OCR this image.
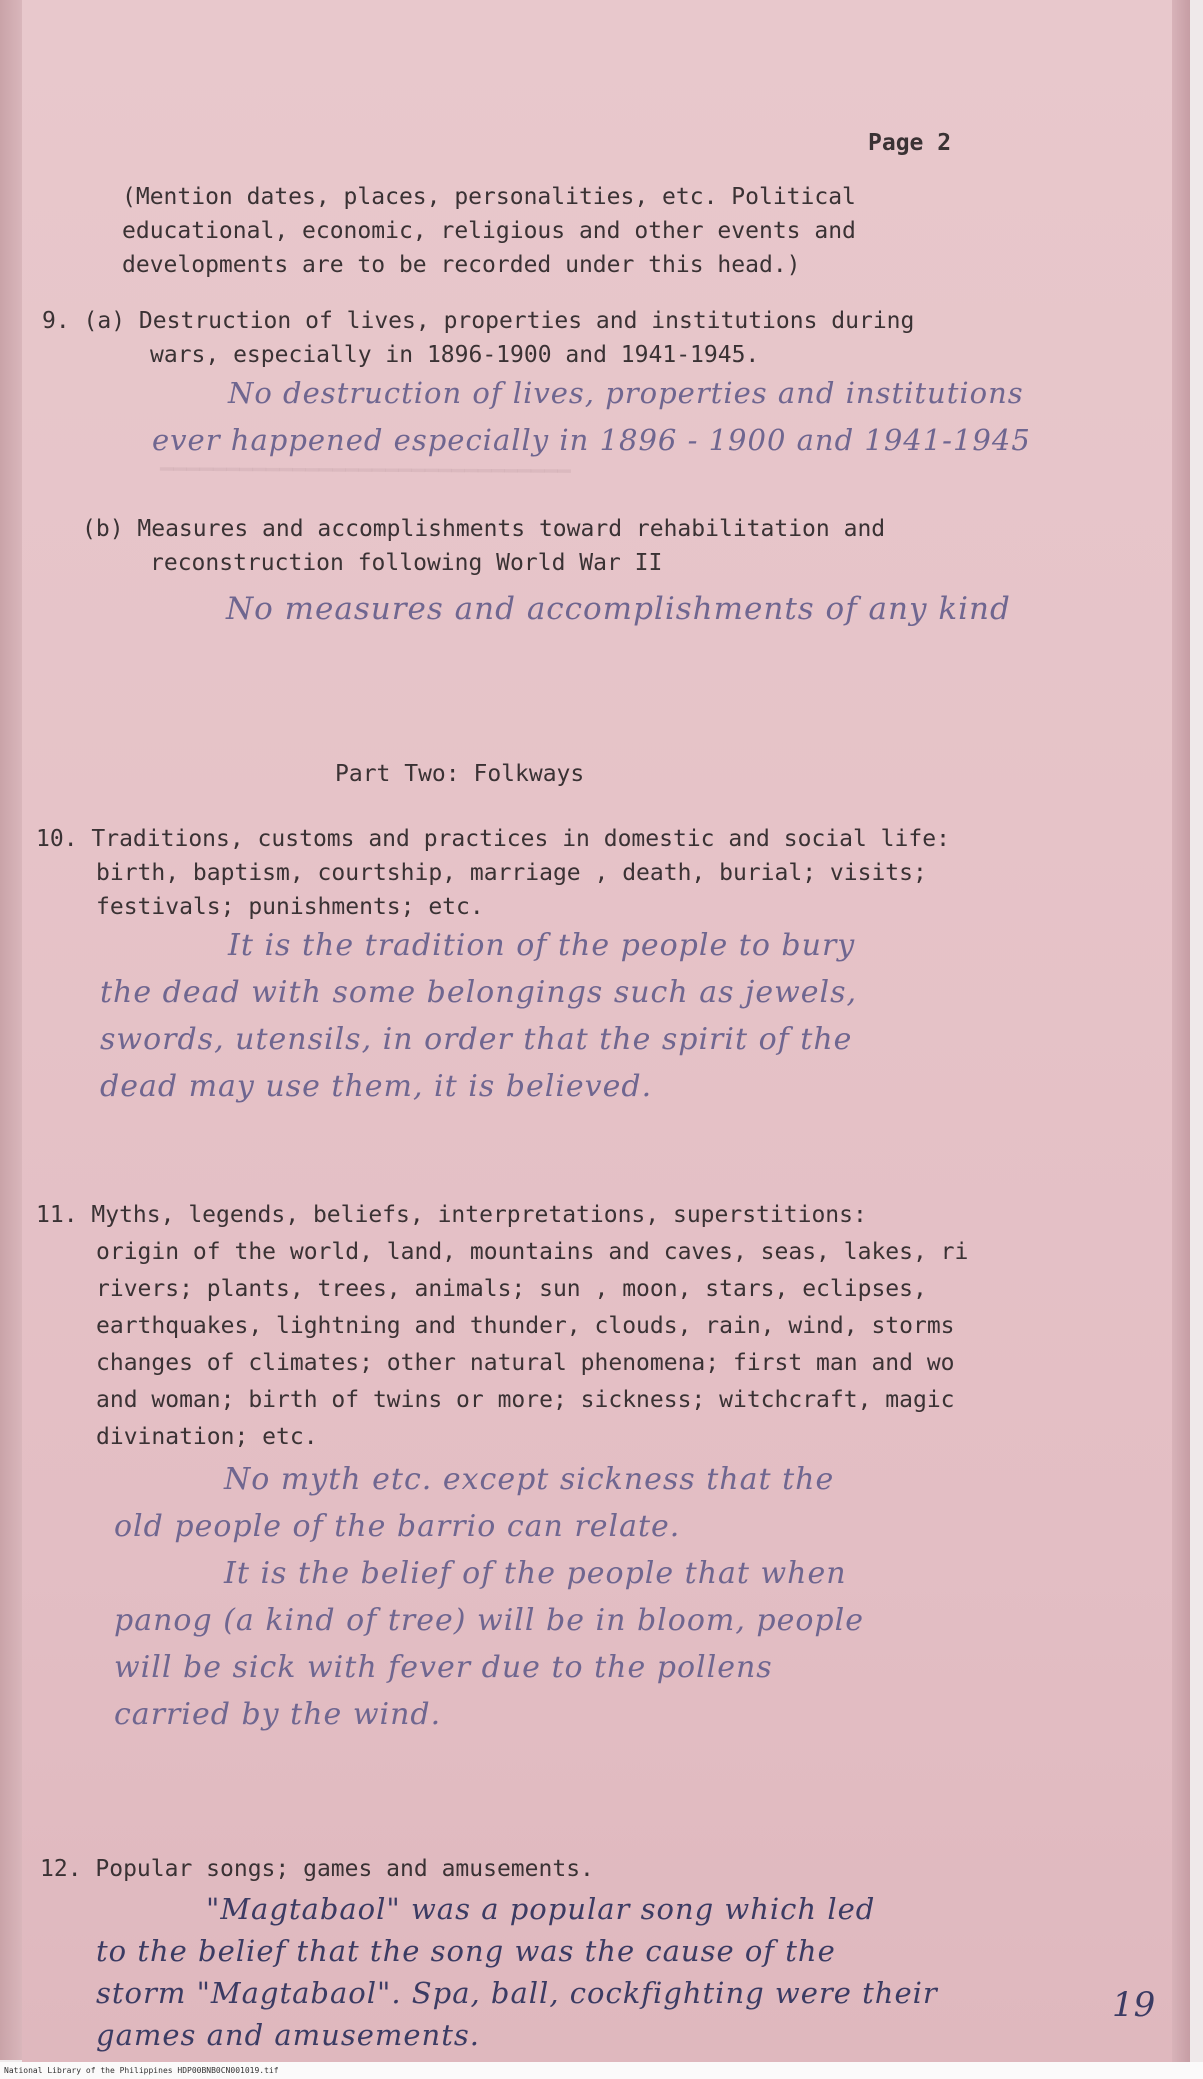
▔▔▔▔▔▔▔▔▔▔▔▔▔▔▔▔▔▔▔▔▔▔▔▔▔▔▔▔▔▔▔

Page 2

(Mention dates, places, personalities, etc. Political
educational, economic, religious and other events and
developments are to be recorded under this head.)
9. (a) Destruction of lives, properties and institutions during
wars, especially in 1896-1900 and 1941-1945.
No destruction of lives, properties and institutions
ever happened especially in 1896 - 1900 and 1941-1945
(b) Measures and accomplishments toward rehabilitation and
reconstruction following World War II
No measures and accomplishments of any kind

Part Two: Folkways

10. Traditions, customs and practices in domestic and social life:
birth, baptism, courtship, marriage , death, burial; visits;
festivals; punishments; etc.
It is the tradition of the people to bury
the dead with some belongings such as jewels,
swords, utensils, in order that the spirit of the
dead may use them, it is believed.
11. Myths, legends, beliefs, interpretations, superstitions:
origin of the world, land, mountains and caves, seas, lakes, ri
rivers; plants, trees, animals; sun , moon, stars, eclipses,
earthquakes, lightning and thunder, clouds, rain, wind, storms
changes of climates; other natural phenomena; first man and wo
and woman; birth of twins or more; sickness; witchcraft, magic
divination; etc.
No myth etc. except sickness that the
old people of the barrio can relate.
It is the belief of the people that when
panog (a kind of tree) will be in bloom, people
will be sick with fever due to the pollens
carried by the wind.
12. Popular songs; games and amusements.
"Magtabaol" was a popular song which led
to the belief that the song was the cause of the
storm "Magtabaol". Spa, ball, cockfighting were their
games and amusements.
19
National Library of the Philippines HDP00BNB0CN001019.tif
